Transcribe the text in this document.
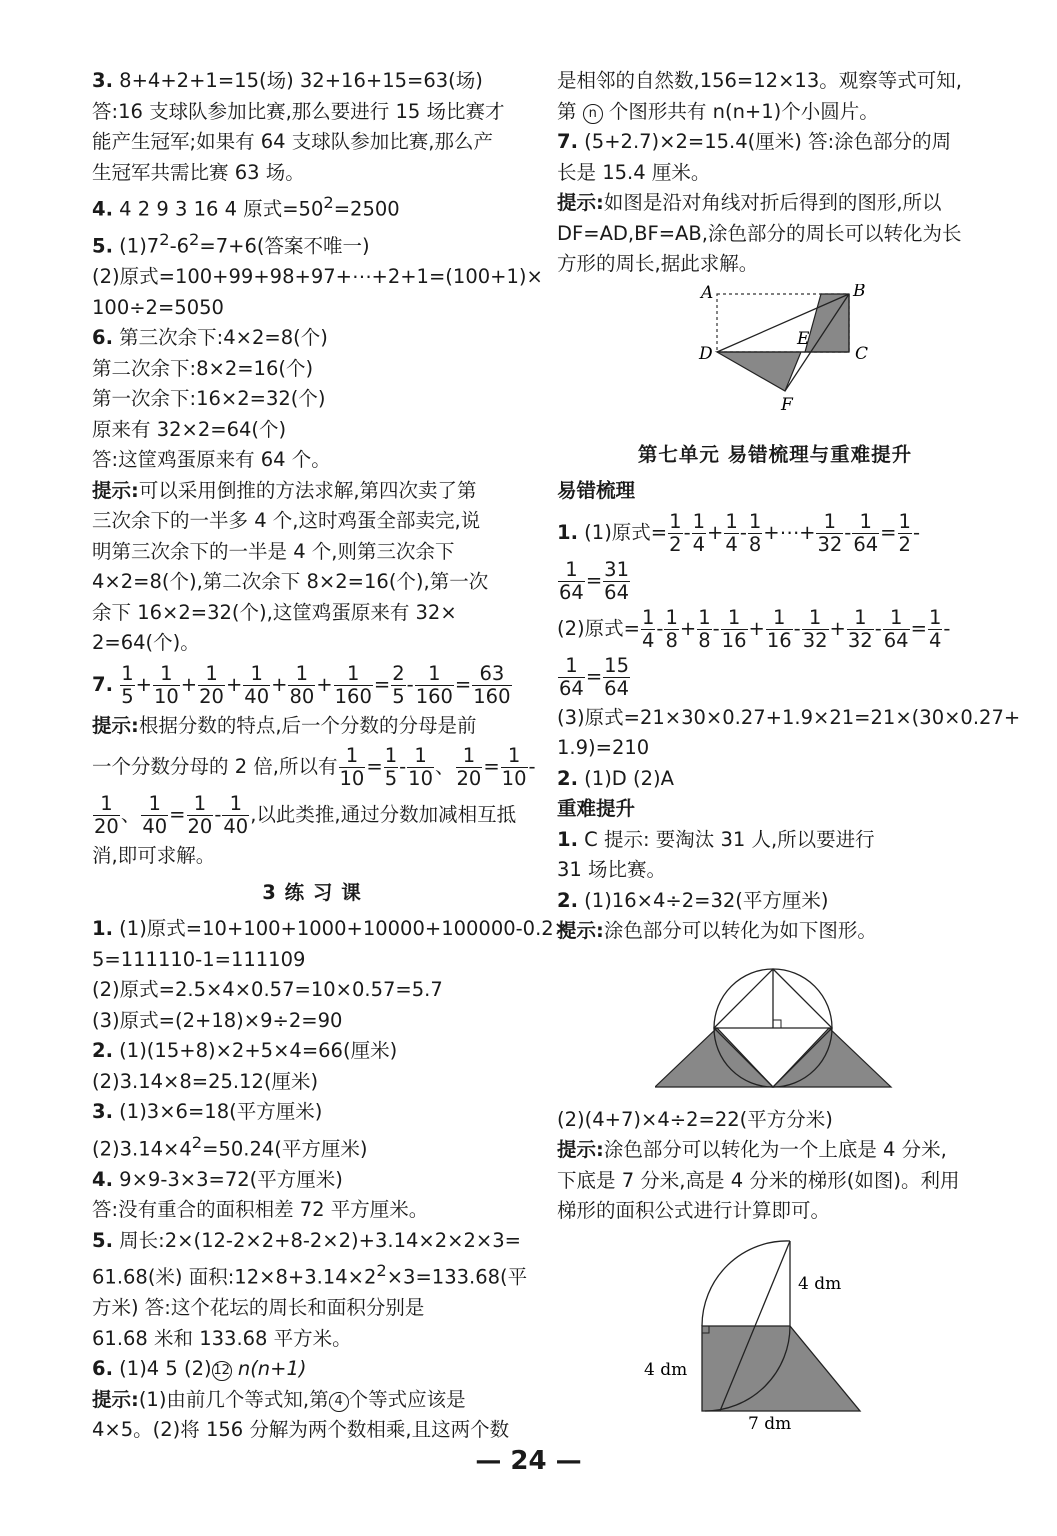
3. 8+4+2+1=15(场) 32+16+15=63(场)
答:16 支球队参加比赛,那么要进行 15 场比赛才
能产生冠军;如果有 64 支球队参加比赛,那么产
生冠军共需比赛 63 场。
4. 4 2 9 3 16 4 原式$=50^2=2500$
5. $(1)7^2-6^2=7+6$(答案不唯一)
(2)原式=100+99+98+97+⋯+2+1=(100+1)×
100÷2=5050
6. 第三次余下:4×2=8(个)
第二次余下:8×2=16(个)
第一次余下:16×2=32(个)
原来有 32×2=64(个)
答:这筐鸡蛋原来有 64 个。
提示:可以采用倒推的方法求解,第四次卖了第
三次余下的一半多 4 个,这时鸡蛋全部卖完,说
明第三次余下的一半是 4 个,则第三次余下
4×2=8(个),第二次余下 8×2=16(个),第一次
余下 16×2=32(个),这筐鸡蛋原来有 32×
2=64(个)。
7. $\frac{1}{5} + \frac{1}{10} + \frac{1}{20} + \frac{1}{40} + \frac{1}{80} + \frac{1}{160} = \frac{2}{5} - \frac{1}{160} = \frac{63}{160}$
提示:根据分数的特点,后一个分数的分母是前
一个分数分母的 2 倍,所以有 $\frac{1}{10} = \frac{1}{5} - \frac{1}{10}$ 、 $\frac{1}{20} = \frac{1}{10}$ -
$\frac{1}{20}$ 、 $\frac{1}{40} = \frac{1}{20} - \frac{1}{40}$ ,以此类推,通过分数加减相互抵
消,即可求解。
3 练 习 课
1. (1)原式=10+100+1000+10000+100000-0.2×
5=111110-1=111109
(2)原式=2.5×4×0.57=10×0.57=5.7
(3)原式=(2+18)×9÷2=90
2. (1)(15+8)×2+5×4=66(厘米)
(2)3.14×8=25.12(厘米)
3. (1)3×6=18(平方厘米)
$(2)3.14\times 4^2=50.24$(平方厘米)
4. 9×9-3×3=72(平方厘米)
答:没有重合的面积相差 72 平方厘米。
5. 周长:2×(12-2×2+8-2×2)+3.14×2×2×3=
61.68(米) 面积$:12\times 8+3.14\times 2^2\times 3=133.68$(平
方米) 答:这个花坛的周长和面积分别是
61.68 米和 133.68 平方米。
6. (1)4 5 (2) 12 n(n+1)
提示:(1)由前几个等式知,第 4 个等式应该是
4×5。(2)将 156 分解为两个数相乘,且这两个数
是相邻的自然数,156=12×13。观察等式可知,
第 n 个图形共有 n(n+1)个小圆片。
7. (5+2.7)×2=15.4(厘米) 答:涂色部分的周
长是 15.4 厘米。
提示:如图是沿对角线对折后得到的图形,所以
DF=AD,BF=AB,涂色部分的周长可以转化为长
方形的周长,据此求解。
A	B
C
D
E
F
第七单元 易错梳理与重难提升
易错梳理
1. (1)原式= $\frac{1}{2} - \frac{1}{4} + \frac{1}{4} - \frac{1}{8}$ +⋯+ $\frac{1}{32} - \frac{1}{64} = \frac{1}{2}$ -
$\frac{1}{64} = \frac{31}{64}$
(2)原式= $\frac{1}{4} - \frac{1}{8} + \frac{1}{8} - \frac{1}{16} + \frac{1}{16} - \frac{1}{32} + \frac{1}{32} - \frac{1}{64} = \frac{1}{4}$ -
$\frac{1}{64} = \frac{15}{64}$
(3)原式=21×30×0.27+1.9×21=21×(30×0.27+
1.9)=210
2. (1)D (2)A
重难提升
1. C 提示: 要淘汰 31 人,所以要进行
31 场比赛。
2. (1)16×4÷2=32(平方厘米)
提示:涂色部分可以转化为如下图形。
(2)(4+7)×4÷2=22(平方分米)
提示:涂色部分可以转化为一个上底是 4 分米,
下底是 7 分米,高是 4 分米的梯形(如图)。利用
梯形的面积公式进行计算即可。
4 dm
4 dm
7 dm
— 24 —
